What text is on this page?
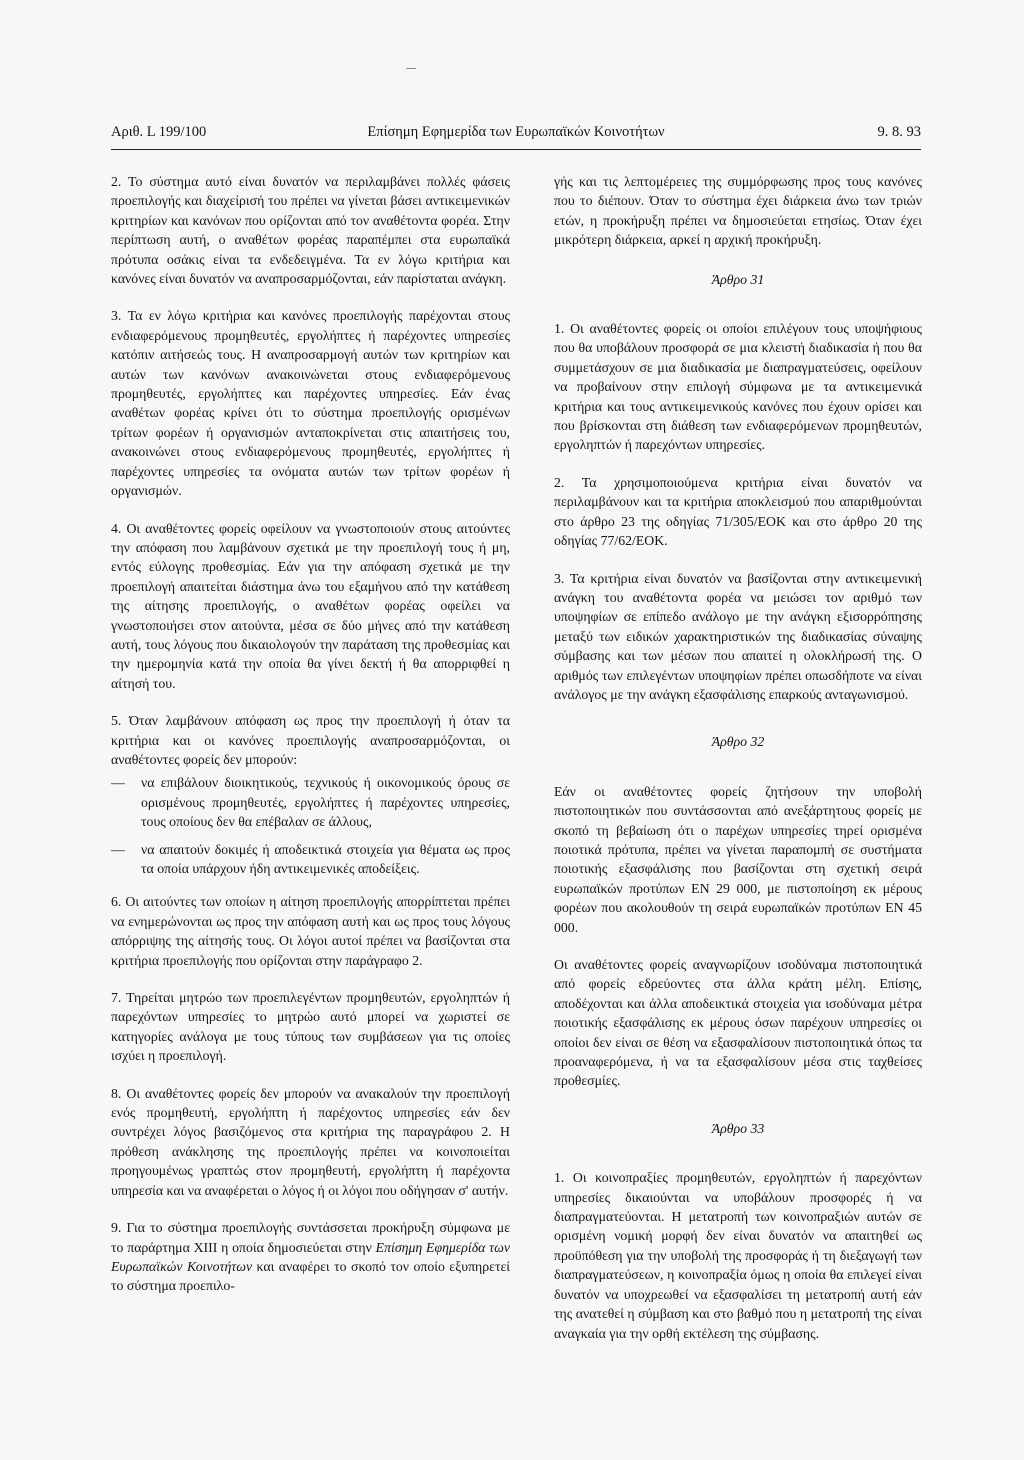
Αριθ. L 199/100	Επίσημη Εφημερίδα των Ευρωπαϊκών Κοινοτήτων	9. 8. 93

2. Το σύστημα αυτό είναι δυνατόν να περιλαμβάνει πολλές φάσεις προεπιλογής και διαχείρισή του πρέπει να γίνεται βάσει αντικειμενικών κριτηρίων και κανόνων που ορίζονται από τον αναθέτοντα φορέα. Στην περίπτωση αυτή, ο αναθέτων φορέας παραπέμπει στα ευρωπαϊκά πρότυπα οσάκις είναι τα ενδεδειγμένα. Τα εν λόγω κριτήρια και κανόνες είναι δυνατόν να αναπροσαρμόζονται, εάν παρίσταται ανάγκη.

3. Τα εν λόγω κριτήρια και κανόνες προεπιλογής παρέχονται στους ενδιαφερόμενους προμηθευτές, εργολήπτες ή παρέχοντες υπηρεσίες κατόπιν αιτήσεώς τους. Η αναπροσαρμογή αυτών των κριτηρίων και αυτών των κανόνων ανακοινώνεται στους ενδιαφερόμενους προμηθευτές, εργολήπτες και παρέχοντες υπηρεσίες. Εάν ένας αναθέτων φορέας κρίνει ότι το σύστημα προεπιλογής ορισμένων τρίτων φορέων ή οργανισμών ανταποκρίνεται στις απαιτήσεις του, ανακοινώνει στους ενδιαφερόμενους προμηθευτές, εργολήπτες ή παρέχοντες υπηρεσίες τα ονόματα αυτών των τρίτων φορέων ή οργανισμών.

4. Οι αναθέτοντες φορείς οφείλουν να γνωστοποιούν στους αιτούντες την απόφαση που λαμβάνουν σχετικά με την προεπιλογή τους ή μη, εντός εύλογης προθεσμίας. Εάν για την απόφαση σχετικά με την προεπιλογή απαιτείται διάστημα άνω του εξαμήνου από την κατάθεση της αίτησης προεπιλογής, ο αναθέτων φορέας οφείλει να γνωστοποιήσει στον αιτούντα, μέσα σε δύο μήνες από την κατάθεση αυτή, τους λόγους που δικαιολογούν την παράταση της προθεσμίας και την ημερομηνία κατά την οποία θα γίνει δεκτή ή θα απορριφθεί η αίτησή του.

5. Όταν λαμβάνουν απόφαση ως προς την προεπιλογή ή όταν τα κριτήρια και οι κανόνες προεπιλογής αναπροσαρμόζονται, οι αναθέτοντες φορείς δεν μπορούν:

—	να επιβάλουν διοικητικούς, τεχνικούς ή οικονομικούς όρους σε ορισμένους προμηθευτές, εργολήπτες ή παρέχοντες υπηρεσίες, τους οποίους δεν θα επέβαλαν σε άλλους,
—	να απαιτούν δοκιμές ή αποδεικτικά στοιχεία για θέματα ως προς τα οποία υπάρχουν ήδη αντικειμενικές αποδείξεις.

6. Οι αιτούντες των οποίων η αίτηση προεπιλογής απορρίπτεται πρέπει να ενημερώνονται ως προς την απόφαση αυτή και ως προς τους λόγους απόρριψης της αίτησής τους. Οι λόγοι αυτοί πρέπει να βασίζονται στα κριτήρια προεπιλογής που ορίζονται στην παράγραφο 2.

7. Τηρείται μητρώο των προεπιλεγέντων προμηθευτών, εργοληπτών ή παρεχόντων υπηρεσίες το μητρώο αυτό μπορεί να χωριστεί σε κατηγορίες ανάλογα με τους τύπους των συμβάσεων για τις οποίες ισχύει η προεπιλογή.

8. Οι αναθέτοντες φορείς δεν μπορούν να ανακαλούν την προεπιλογή ενός προμηθευτή, εργολήπτη ή παρέχοντος υπηρεσίες εάν δεν συντρέχει λόγος βασιζόμενος στα κριτήρια της παραγράφου 2. Η πρόθεση ανάκλησης της προεπιλογής πρέπει να κοινοποιείται προηγουμένως γραπτώς στον προμηθευτή, εργολήπτη ή παρέχοντα υπηρεσία και να αναφέρεται ο λόγος ή οι λόγοι που οδήγησαν σ' αυτήν.

9. Για το σύστημα προεπιλογής συντάσσεται προκήρυξη σύμφωνα με το παράρτημα XIII η οποία δημοσιεύεται στην Επίσημη Εφημερίδα των Ευρωπαϊκών Κοινοτήτων και αναφέρει το σκοπό τον οποίο εξυπηρετεί το σύστημα προεπιλο-

γής και τις λεπτομέρειες της συμμόρφωσης προς τους κανόνες που το διέπουν. Όταν το σύστημα έχει διάρκεια άνω των τριών ετών, η προκήρυξη πρέπει να δημοσιεύεται ετησίως. Όταν έχει μικρότερη διάρκεια, αρκεί η αρχική προκήρυξη.

Άρθρο 31

1. Οι αναθέτοντες φορείς οι οποίοι επιλέγουν τους υποψήφιους που θα υποβάλουν προσφορά σε μια κλειστή διαδικασία ή που θα συμμετάσχουν σε μια διαδικασία με διαπραγματεύσεις, οφείλουν να προβαίνουν στην επιλογή σύμφωνα με τα αντικειμενικά κριτήρια και τους αντικειμενικούς κανόνες που έχουν ορίσει και που βρίσκονται στη διάθεση των ενδιαφερόμενων προμηθευτών, εργοληπτών ή παρεχόντων υπηρεσίες.

2. Τα χρησιμοποιούμενα κριτήρια είναι δυνατόν να περιλαμβάνουν και τα κριτήρια αποκλεισμού που απαριθμούνται στο άρθρο 23 της οδηγίας 71/305/ΕΟΚ και στο άρθρο 20 της οδηγίας 77/62/ΕΟΚ.

3. Τα κριτήρια είναι δυνατόν να βασίζονται στην αντικειμενική ανάγκη του αναθέτοντα φορέα να μειώσει τον αριθμό των υποψηφίων σε επίπεδο ανάλογο με την ανάγκη εξισορρόπησης μεταξύ των ειδικών χαρακτηριστικών της διαδικασίας σύναψης σύμβασης και των μέσων που απαιτεί η ολοκλήρωσή της. Ο αριθμός των επιλεγέντων υποψηφίων πρέπει οπωσδήποτε να είναι ανάλογος με την ανάγκη εξασφάλισης επαρκούς ανταγωνισμού.

Άρθρο 32

Εάν οι αναθέτοντες φορείς ζητήσουν την υποβολή πιστοποιητικών που συντάσσονται από ανεξάρτητους φορείς με σκοπό τη βεβαίωση ότι ο παρέχων υπηρεσίες τηρεί ορισμένα ποιοτικά πρότυπα, πρέπει να γίνεται παραπομπή σε συστήματα ποιοτικής εξασφάλισης που βασίζονται στη σχετική σειρά ευρωπαϊκών προτύπων EN 29 000, με πιστοποίηση εκ μέρους φορέων που ακολουθούν τη σειρά ευρωπαϊκών προτύπων EN 45 000.

Οι αναθέτοντες φορείς αναγνωρίζουν ισοδύναμα πιστοποιητικά από φορείς εδρεύοντες στα άλλα κράτη μέλη. Επίσης, αποδέχονται και άλλα αποδεικτικά στοιχεία για ισοδύναμα μέτρα ποιοτικής εξασφάλισης εκ μέρους όσων παρέχουν υπηρεσίες οι οποίοι δεν είναι σε θέση να εξασφαλίσουν πιστοποιητικά όπως τα προαναφερόμενα, ή να τα εξασφαλίσουν μέσα στις ταχθείσες προθεσμίες.

Άρθρο 33

1. Οι κοινοπραξίες προμηθευτών, εργοληπτών ή παρεχόντων υπηρεσίες δικαιούνται να υποβάλουν προσφορές ή να διαπραγματεύονται. Η μετατροπή των κοινοπραξιών αυτών σε ορισμένη νομική μορφή δεν είναι δυνατόν να απαιτηθεί ως προϋπόθεση για την υποβολή της προσφοράς ή τη διεξαγωγή των διαπραγματεύσεων, η κοινοπραξία όμως η οποία θα επιλεγεί είναι δυνατόν να υποχρεωθεί να εξασφαλίσει τη μετατροπή αυτή εάν της ανατεθεί η σύμβαση και στο βαθμό που η μετατροπή της είναι αναγκαία για την ορθή εκτέλεση της σύμβασης.
